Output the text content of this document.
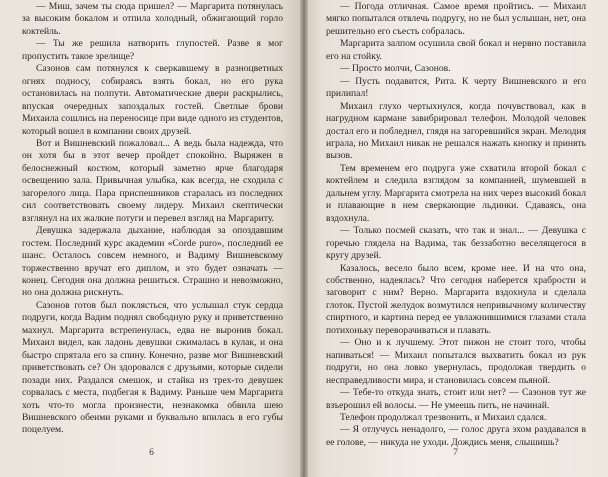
— Миш, зачем ты сюда пришел? — Маргарита потянулась за высоким бокалом и отпила холодный, обжигающий горло коктейль.

— Ты же решила натворить глупостей. Разве я мог пропустить такое зрелище?

Сазонов сам потянулся к сверкавшему в разноцветных огнях подносу, собираясь взять бокал, но его рука остановилась на полпути. Автоматические двери раскрылись, впуская очередных запоздалых гостей. Светлые брови Михаила сошлись на переносице при виде одного из студентов, который вошел в компании своих друзей.

Вот и Вишневский пожаловал... А ведь была надежда, что он хотя бы в этот вечер пройдет спокойно. Выряжен в белоснежный костюм, который заметно ярче благодаря освещению зала. Привычная улыбка, как всегда, не сходила с загорелого лица. Пара приспешников старалась из последних сил соответствовать своему лидеру. Михаил скептически взглянул на их жалкие потуги и перевел взгляд на Маргариту.

Девушка задержала дыхание, наблюдая за опоздавшим гостем. Последний курс академии «Corde puro», последний ее шанс. Осталось совсем немного, и Вадиму Вишневскому торжественно вручат его диплом, и это будет означать — конец. Сегодня она должна решиться. Страшно и невозможно, но она должна рискнуть.

Сазонов готов был поклясться, что услышал стук сердца подруги, когда Вадим поднял свободную руку и приветственно махнул. Маргарита встрепенулась, едва не выронив бокал. Михаил видел, как ладонь девушки сжималась в кулак, и она быстро спрятала его за спину. Конечно, разве мог Вишневский приветствовать се? Он здоровался с друзьями, которые сидели позади них. Раздался смешок, и стайка из трех-то девушек сорвалась с места, подбегая к Вадиму. Раньше чем Маргарита хоть что-то могла произнести, незнакомка обвила шею Вишневского обеими руками и буквально впилась в его губы поцелуем.

6

— Погода отличная. Самое время пройтись. — Михаил мягко попытался отвлечь подругу, но не был услышан, нет, она решительно его съесть собралась.

Маргарита залпом осушила свой бокал и нервно поставила его на стойку.

— Просто молчи, Сазонов.

— Пусть подавится, Рита. К черту Вишневского и его прилипал!

Михаил глухо чертыхнулся, когда почувствовал, как в нагрудном кармане завибрировал телефон. Молодой человек достал его и побледнел, глядя на загоревшийся экран. Мелодия играла, но Михаил никак не решался нажать кнопку и принять вызов.

Тем временем его подруга уже схватила второй бокал с коктейлем и следила взглядом за компанией, шумевшей в дальнем углу. Маргарита смотрела на них через высокий бокал и плавающие в нем сверкающие льдинки. Сдаваясь, она вздохнула.

— Только посмей сказать, что так и знал... — Девушка с горечью глядела на Вадима, так беззаботно веселящегося в кругу друзей.

Казалось, весело было всем, кроме нее. И на что она, собственно, надеялась? Что сегодня наберется храбрости и заговорит с ним? Верно. Маргарита вздохнула и сделала глоток. Пустой желудок возмутился непривычному количеству спиртного, и картина перед ее увлажнившимися глазами стала потихоньку переворачиваться и плавать.

— Оно и к лучшему. Этот пижон не стоит того, чтобы напиваться! — Михаил попытался выхватить бокал из рук подруги, но она ловко увернулась, продолжая твердить о несправедливости мира, и становилась совсем пьяной.

— Тебе-то откуда знать, стоит или нет? — Сазонов тут же взъерошил ей волосы. — Не умеешь пить, не начинай.

Телефон продолжал трезвонить, и Михаил сдался.

— Я отлучусь ненадолго, — голос друга эхом раздавался в ее голове, — никуда не уходи. Дождись меня, слышишь?

7
